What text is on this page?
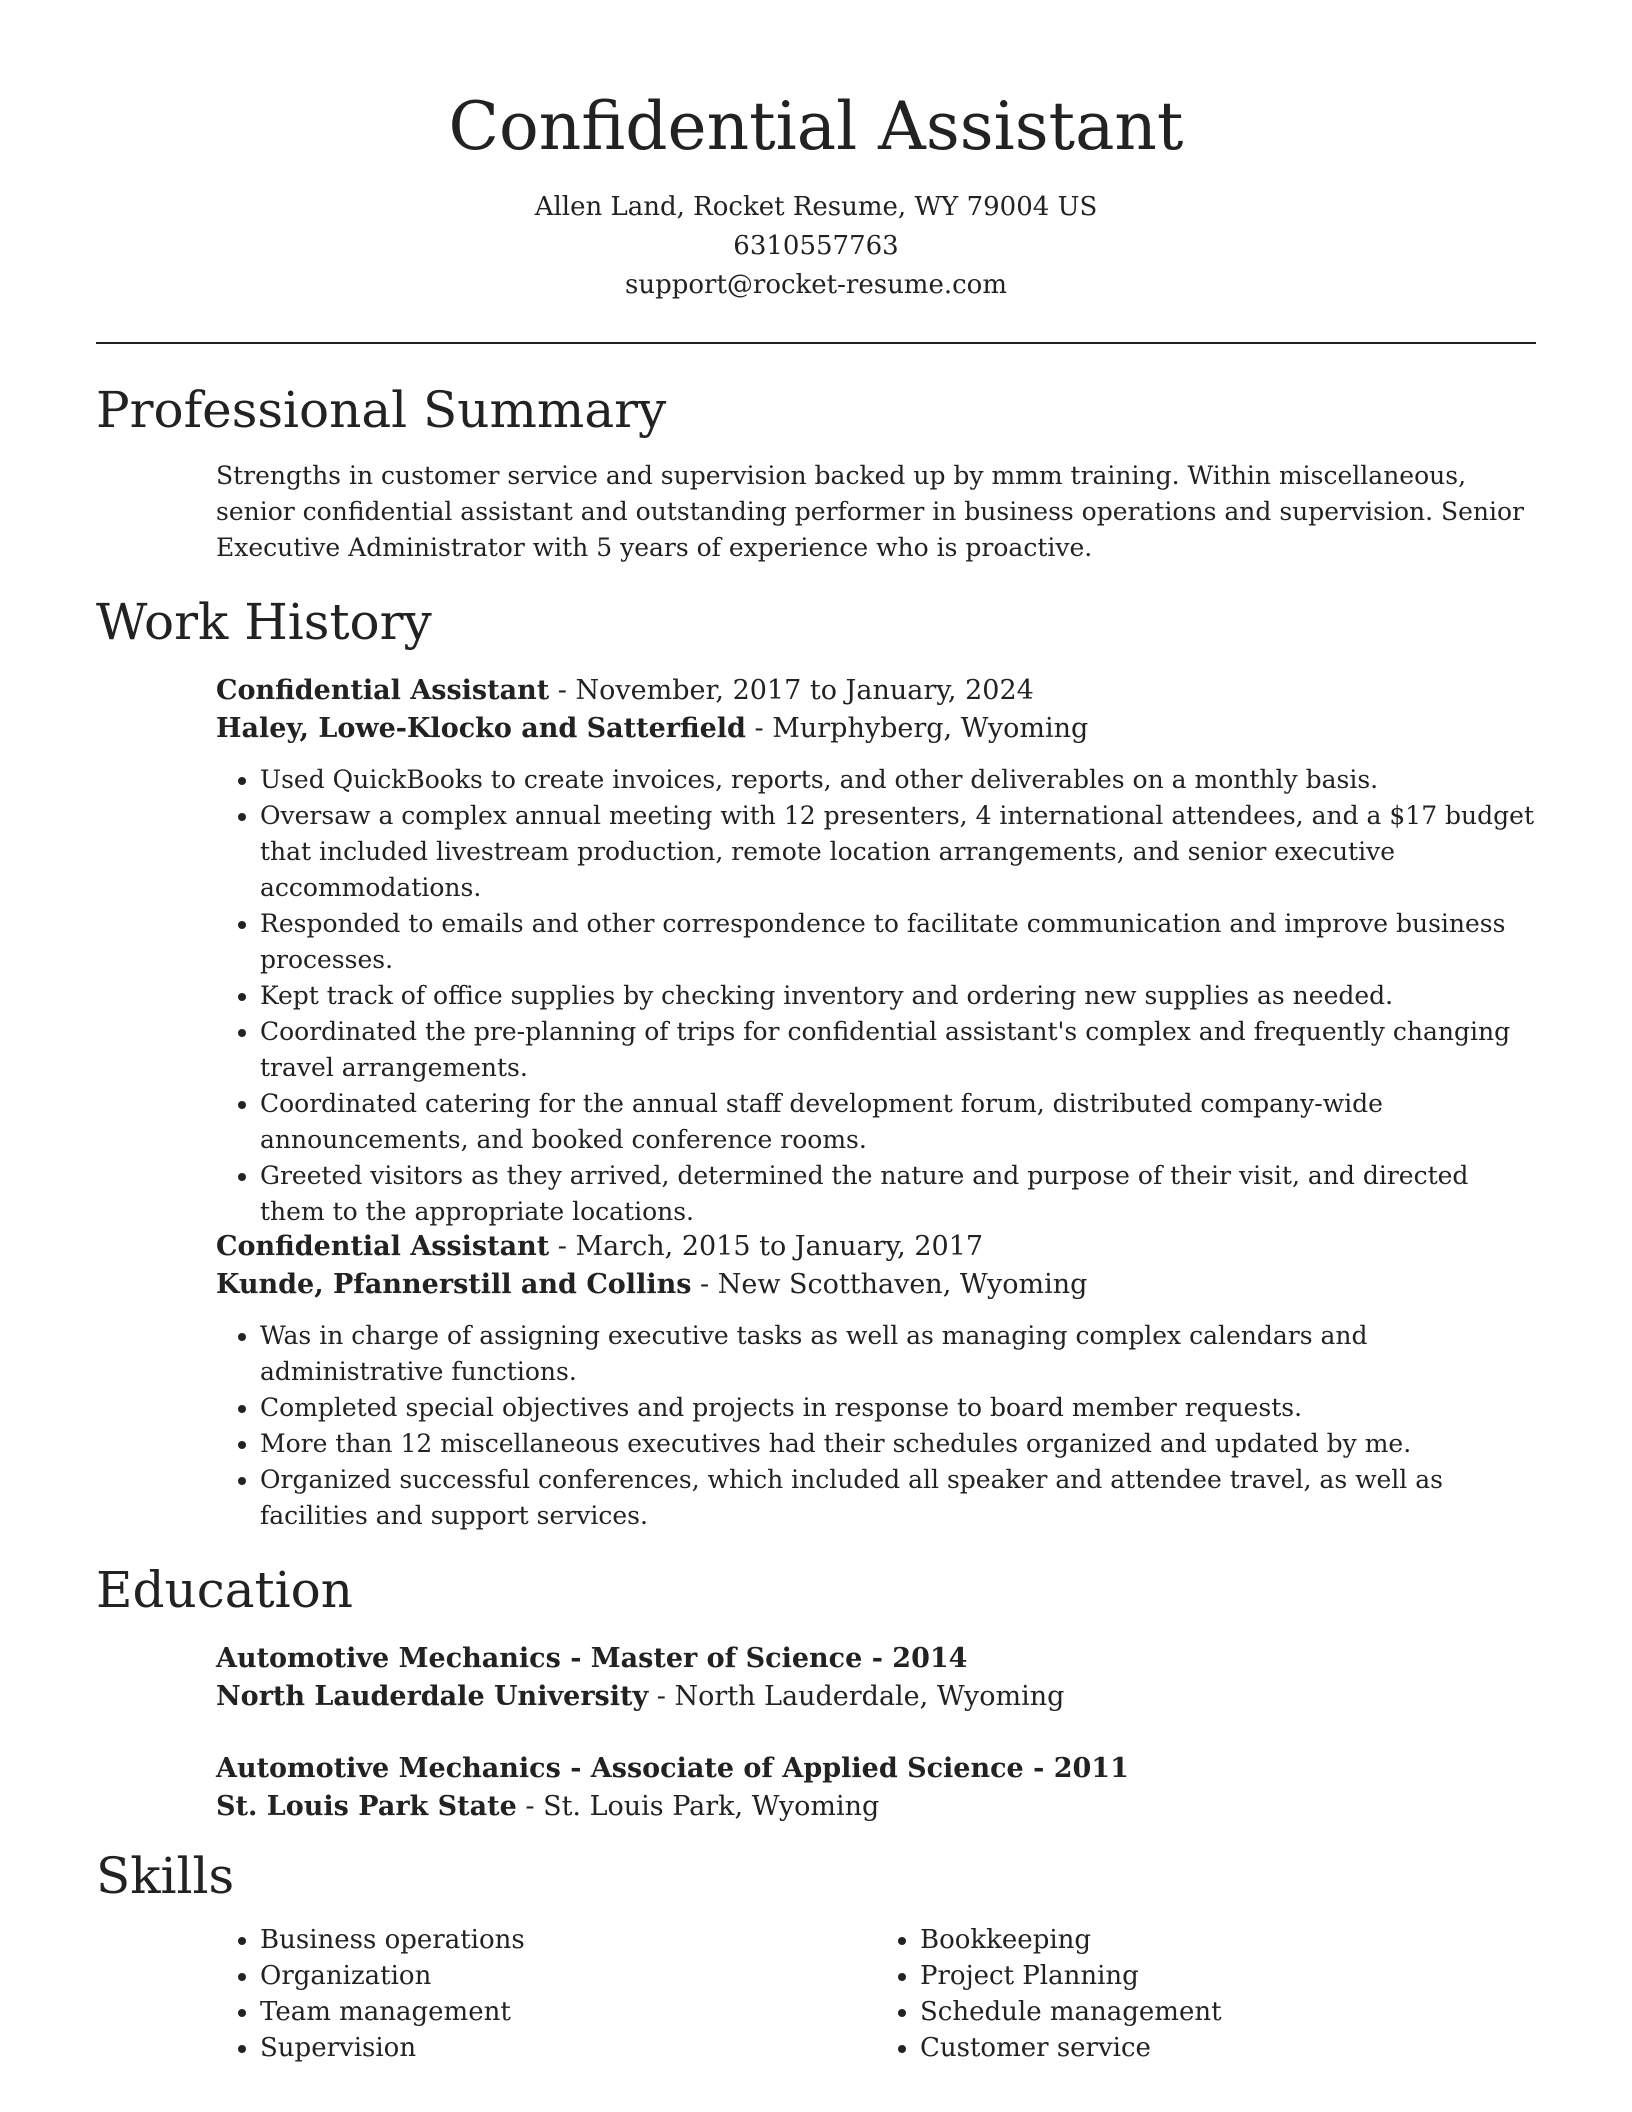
Confidential Assistant
Allen Land, Rocket Resume, WY 79004 US
6310557763
support@rocket-resume.com
Professional Summary

Strengths in customer service and supervision backed up by mmm training. Within miscellaneous, senior confidential assistant and outstanding performer in business operations and supervision. Senior Executive Administrator with 5 years of experience who is proactive.

Work History

Confidential Assistant - November, 2017 to January, 2024

Haley, Lowe-Klocko and Satterfield - Murphyberg, Wyoming

• Used QuickBooks to create invoices, reports, and other deliverables on a monthly basis.
• Oversaw a complex annual meeting with 12 presenters, 4 international attendees, and a $17 budget that included livestream production, remote location arrangements, and senior executive accommodations.
• Responded to emails and other correspondence to facilitate communication and improve business processes.
• Kept track of office supplies by checking inventory and ordering new supplies as needed.
• Coordinated the pre-planning of trips for confidential assistant's complex and frequently changing travel arrangements.
• Coordinated catering for the annual staff development forum, distributed company-wide announcements, and booked conference rooms.
• Greeted visitors as they arrived, determined the nature and purpose of their visit, and directed them to the appropriate locations.

Confidential Assistant - March, 2015 to January, 2017

Kunde, Pfannerstill and Collins - New Scotthaven, Wyoming

• Was in charge of assigning executive tasks as well as managing complex calendars and administrative functions.
• Completed special objectives and projects in response to board member requests.
• More than 12 miscellaneous executives had their schedules organized and updated by me.
• Organized successful conferences, which included all speaker and attendee travel, as well as facilities and support services.
Education

Automotive Mechanics - Master of Science - 2014

North Lauderdale University - North Lauderdale, Wyoming

Automotive Mechanics - Associate of Applied Science - 2011

St. Louis Park State - St. Louis Park, Wyoming

Skills
• Business operations
• Organization
• Team management
• Supervision
• Bookkeeping
• Project Planning
• Schedule management
• Customer service
